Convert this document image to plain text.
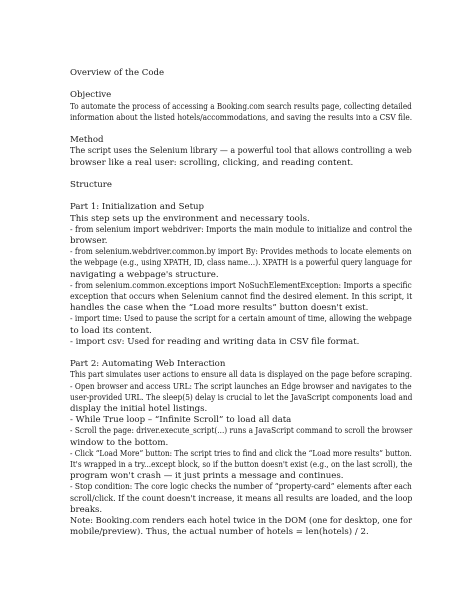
Overview of the Code
Objective
To automate the process of accessing a Booking.com search results page, collecting detailed
information about the listed hotels/accommodations, and saving the results into a CSV file.
Method
The script uses the Selenium library — a powerful tool that allows controlling a web
browser like a real user: scrolling, clicking, and reading content.
Structure
Part 1: Initialization and Setup
This step sets up the environment and necessary tools.
- from selenium import webdriver: Imports the main module to initialize and control the
browser.
- from selenium.webdriver.common.by import By: Provides methods to locate elements on
the webpage (e.g., using XPATH, ID, class name…). XPATH is a powerful query language for
navigating a webpage's structure.
- from selenium.common.exceptions import NoSuchElementException: Imports a specific
exception that occurs when Selenium cannot find the desired element. In this script, it
handles the case when the “Load more results” button doesn't exist.
- import time: Used to pause the script for a certain amount of time, allowing the webpage
to load its content.
- import csv: Used for reading and writing data in CSV file format.
Part 2: Automating Web Interaction
This part simulates user actions to ensure all data is displayed on the page before scraping.
- Open browser and access URL: The script launches an Edge browser and navigates to the
user-provided URL. The sleep(5) delay is crucial to let the JavaScript components load and
display the initial hotel listings.
- While True loop – “Infinite Scroll” to load all data
- Scroll the page: driver.execute_script(...) runs a JavaScript command to scroll the browser
window to the bottom.
- Click “Load More” button: The script tries to find and click the “Load more results” button.
It's wrapped in a try...except block, so if the button doesn't exist (e.g., on the last scroll), the
program won't crash — it just prints a message and continues.
- Stop condition: The core logic checks the number of “property-card” elements after each
scroll/click. If the count doesn't increase, it means all results are loaded, and the loop
breaks.
Note: Booking.com renders each hotel twice in the DOM (one for desktop, one for
mobile/preview). Thus, the actual number of hotels = len(hotels) / 2.
